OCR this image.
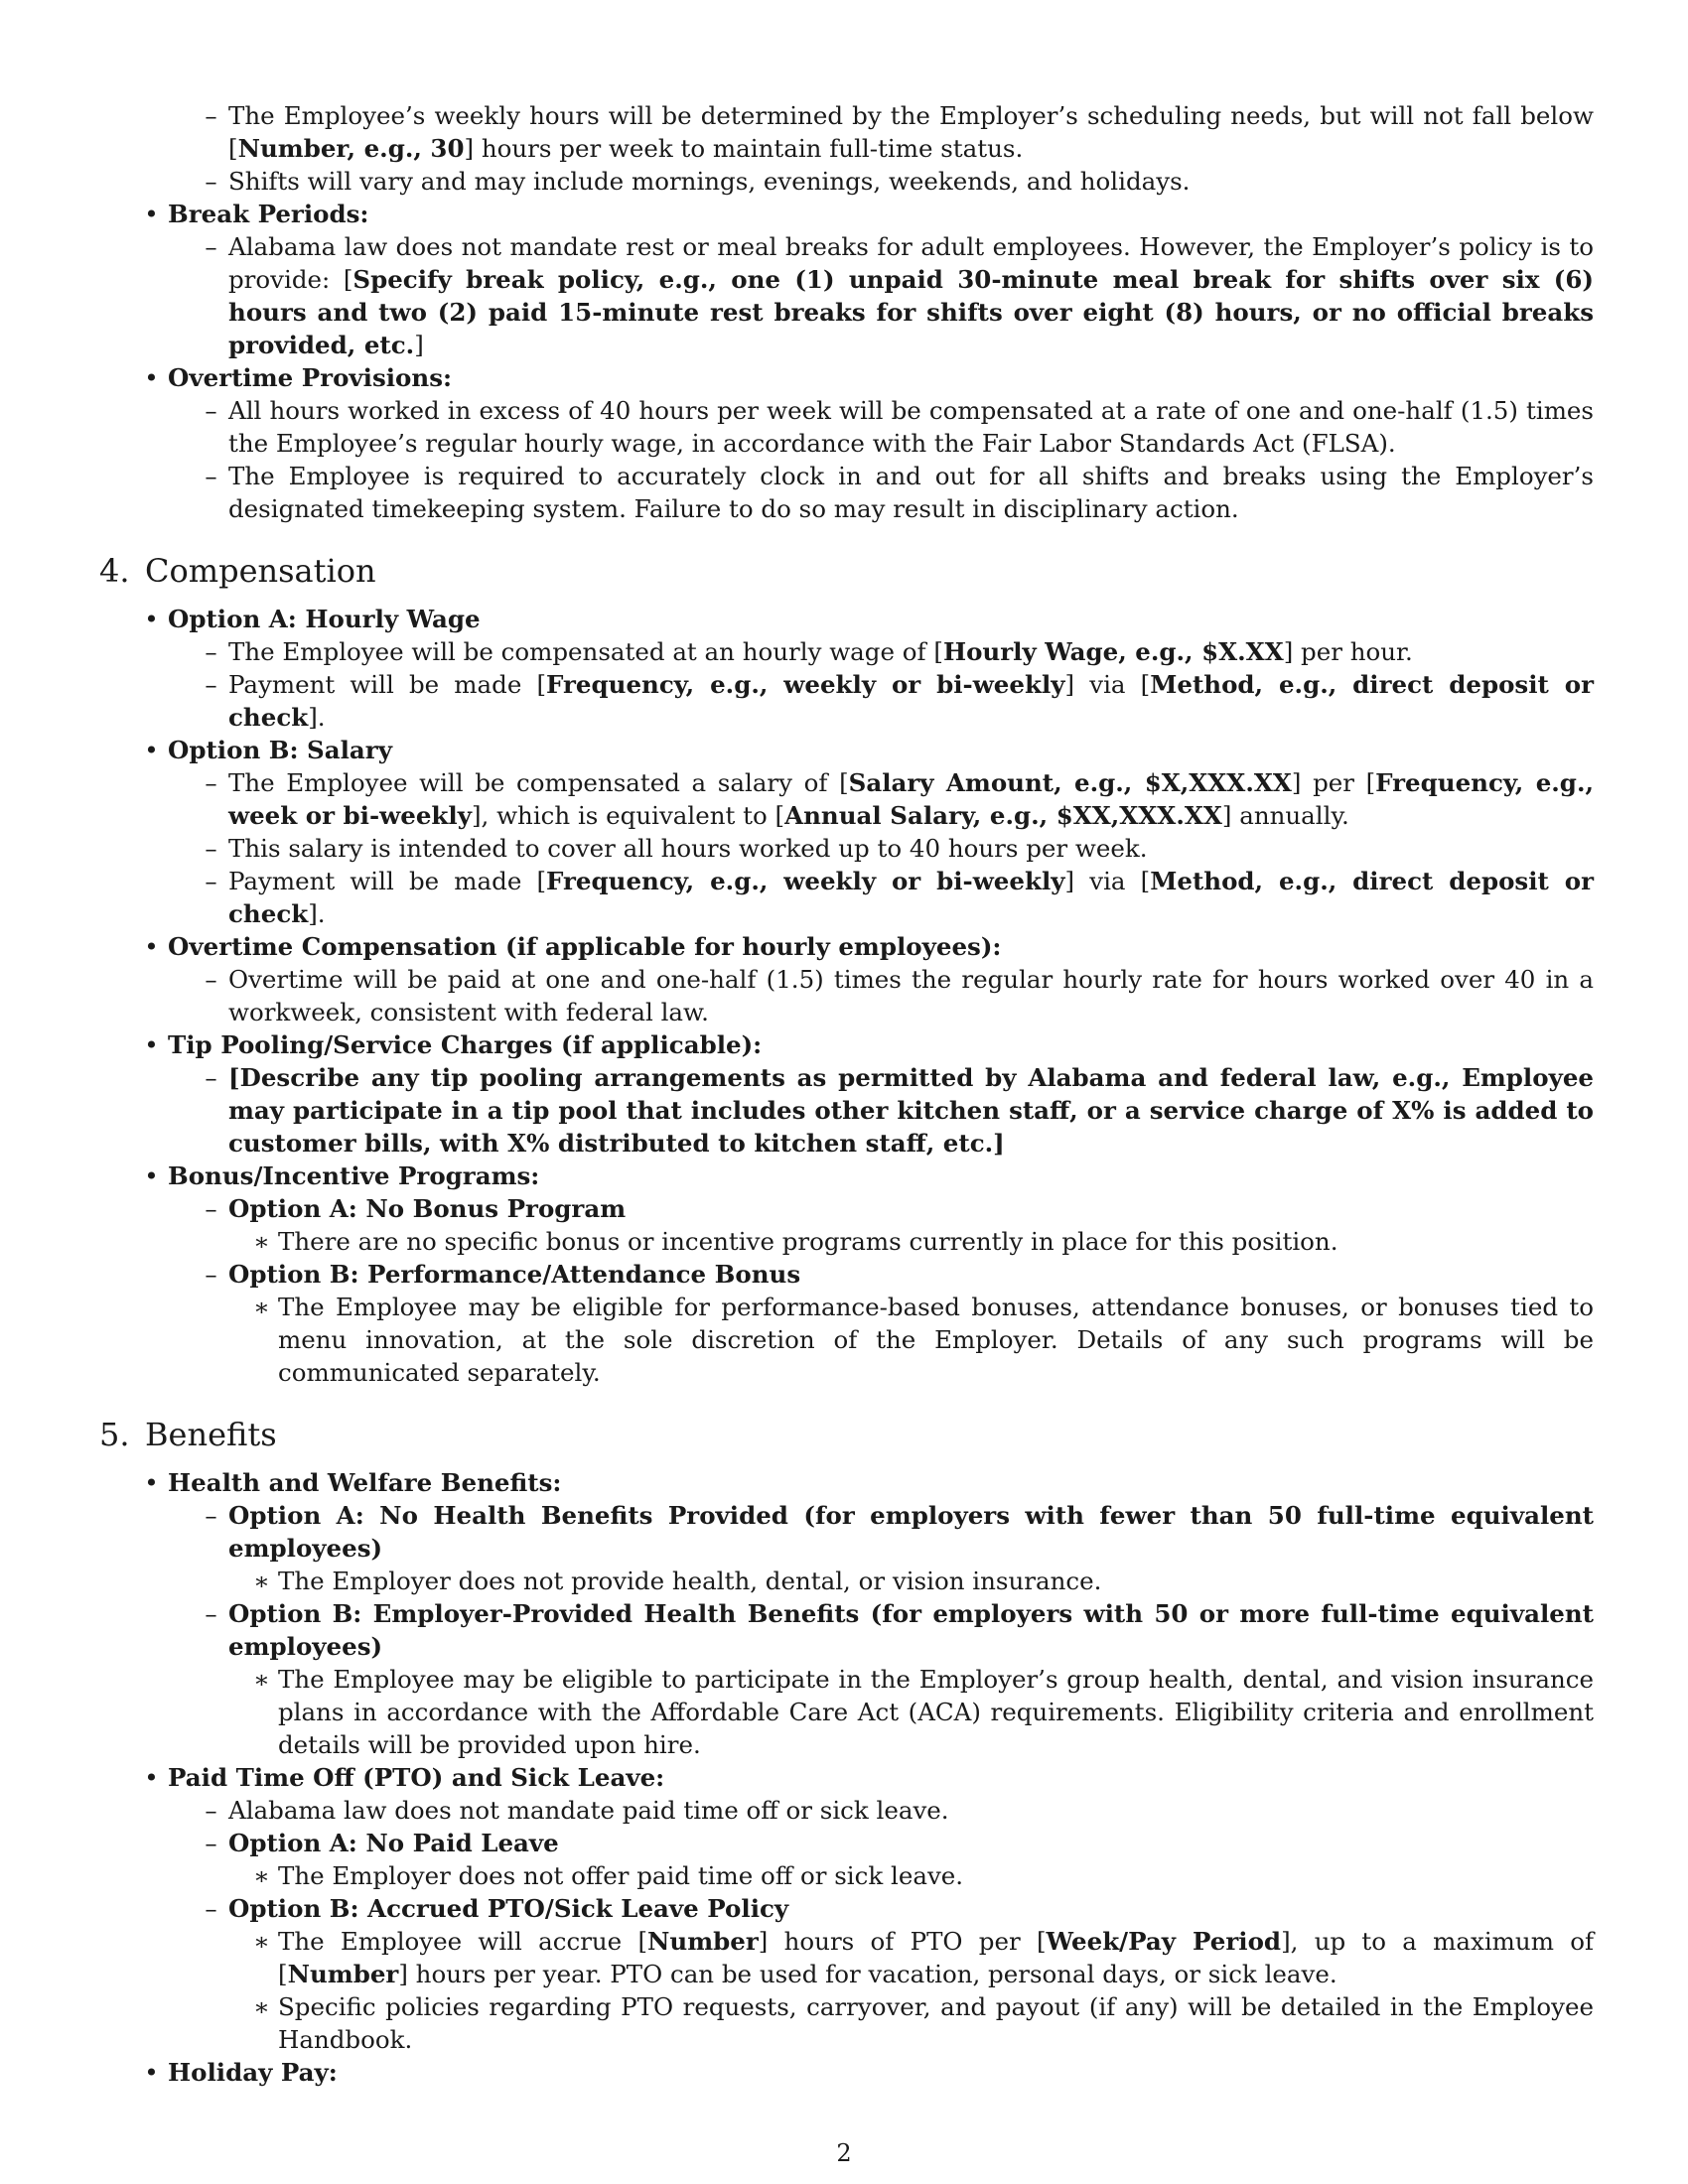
– The Employee’s weekly hours will be determined by the Employer’s scheduling needs, but will not fall below [Number, e.g., 30] hours per week to maintain full-time status.
– Shifts will vary and may include mornings, evenings, weekends, and holidays.
• Break Periods:
– Alabama law does not mandate rest or meal breaks for adult employees. However, the Employer’s policy is to provide: [Specify break policy, e.g., one (1) unpaid 30-minute meal break for shifts over six (6) hours and two (2) paid 15-minute rest breaks for shifts over eight (8) hours, or no official breaks provided, etc.]
• Overtime Provisions:
– All hours worked in excess of 40 hours per week will be compensated at a rate of one and one-half (1.5) times the Employee’s regular hourly wage, in accordance with the Fair Labor Standards Act (FLSA).
– The Employee is required to accurately clock in and out for all shifts and breaks using the Employer’s designated timekeeping system. Failure to do so may result in disciplinary action.
4. Compensation
• Option A: Hourly Wage
– The Employee will be compensated at an hourly wage of [Hourly Wage, e.g., $X.XX] per hour.
– Payment will be made [Frequency, e.g., weekly or bi-weekly] via [Method, e.g., direct deposit or check].
• Option B: Salary
– The Employee will be compensated a salary of [Salary Amount, e.g., $X,XXX.XX] per [Frequency, e.g., week or bi-weekly], which is equivalent to [Annual Salary, e.g., $XX,XXX.XX] annually.
– This salary is intended to cover all hours worked up to 40 hours per week.
– Payment will be made [Frequency, e.g., weekly or bi-weekly] via [Method, e.g., direct deposit or check].
• Overtime Compensation (if applicable for hourly employees):
– Overtime will be paid at one and one-half (1.5) times the regular hourly rate for hours worked over 40 in a workweek, consistent with federal law.
• Tip Pooling/Service Charges (if applicable):
– [Describe any tip pooling arrangements as permitted by Alabama and federal law, e.g., Employee may participate in a tip pool that includes other kitchen staff, or a service charge of X% is added to customer bills, with X% distributed to kitchen staff, etc.]
• Bonus/Incentive Programs:
– Option A: No Bonus Program
∗ There are no specific bonus or incentive programs currently in place for this position.
– Option B: Performance/Attendance Bonus
∗ The Employee may be eligible for performance-based bonuses, attendance bonuses, or bonuses tied to menu innovation, at the sole discretion of the Employer. Details of any such programs will be communicated separately.
5. Benefits
• Health and Welfare Benefits:
– Option A: No Health Benefits Provided (for employers with fewer than 50 full-time equivalent employees)
∗ The Employer does not provide health, dental, or vision insurance.
– Option B: Employer-Provided Health Benefits (for employers with 50 or more full-time equivalent employees)
∗ The Employee may be eligible to participate in the Employer’s group health, dental, and vision insurance plans in accordance with the Affordable Care Act (ACA) requirements. Eligibility criteria and enrollment details will be provided upon hire.
• Paid Time Off (PTO) and Sick Leave:
– Alabama law does not mandate paid time off or sick leave.
– Option A: No Paid Leave
∗ The Employer does not offer paid time off or sick leave.
– Option B: Accrued PTO/Sick Leave Policy
∗ The Employee will accrue [Number] hours of PTO per [Week/Pay Period], up to a maximum of [Number] hours per year. PTO can be used for vacation, personal days, or sick leave.
∗ Specific policies regarding PTO requests, carryover, and payout (if any) will be detailed in the Employee Handbook.
• Holiday Pay:
2
